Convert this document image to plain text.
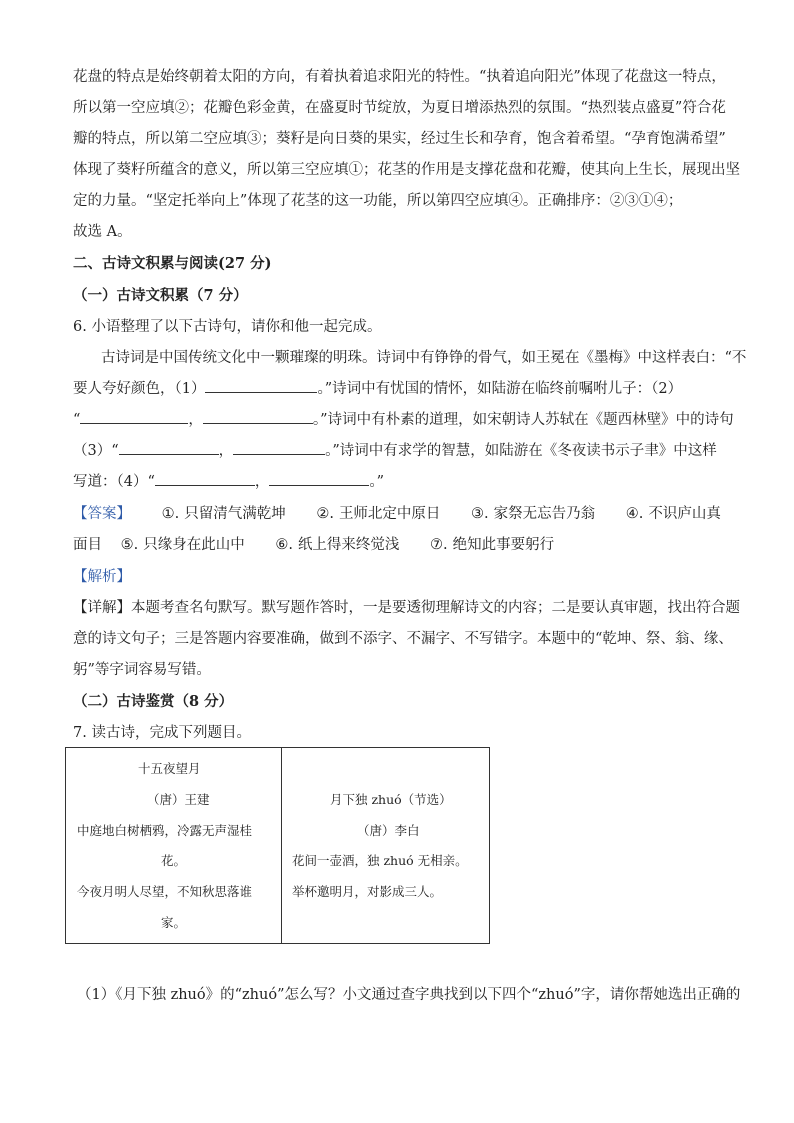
花盘的特点是始终朝着太阳的方向，有着执着追求阳光的特性。“执着追向阳光”体现了花盘这一特点，
所以第一空应填②；花瓣色彩金黄，在盛夏时节绽放，为夏日增添热烈的氛围。“热烈装点盛夏”符合花
瓣的特点，所以第二空应填③；葵籽是向日葵的果实，经过生长和孕育，饱含着希望。“孕育饱满希望”
体现了葵籽所蕴含的意义，所以第三空应填①；花茎的作用是支撑花盘和花瓣，使其向上生长，展现出坚
定的力量。“坚定托举向上”体现了花茎的这一功能，所以第四空应填④。正确排序：②③①④；
故选 A。
二、古诗文积累与阅读(27 分)
（一）古诗文积累（7 分）
6. 小语整理了以下古诗句，请你和他一起完成。
古诗词是中国传统文化中一颗璀璨的明珠。诗词中有铮铮的骨气，如王冕在《墨梅》中这样表白：“不
要人夸好颜色，（1）	。”诗词中有忧国的情怀，如陆游在临终前嘱咐儿子：（2）
“	，	。”诗词中有朴素的道理，如宋朝诗人苏轼在《题西林壁》中的诗句
（3）“	，	。”诗词中有求学的智慧，如陆游在《冬夜读书示子聿》中这样
写道：（4）“	，	。”
【答案】 ①. 只留清气满乾坤 ②. 王师北定中原日 ③. 家祭无忘告乃翁 ④. 不识庐山真
面目 ⑤. 只缘身在此山中 ⑥. 纸上得来终觉浅 ⑦. 绝知此事要躬行
【解析】
【详解】本题考查名句默写。默写题作答时，一是要透彻理解诗文的内容；二是要认真审题，找出符合题
意的诗文句子；三是答题内容要准确，做到不添字、不漏字、不写错字。本题中的“乾坤、祭、翁、缘、
躬”等字词容易写错。
（二）古诗鉴赏（8 分）
7. 读古诗，完成下列题目。
十五夜望月
（唐）王建
中庭地白树栖鸦，冷露无声湿桂
花。
今夜月明人尽望，不知秋思落谁
家。
月下独 zhuó（节选）
（唐）李白
花间一壶酒，独 zhuó 无相亲。
举杯邀明月，对影成三人。
（1）《月下独 zhuó》的“zhuó”怎么写？小文通过查字典找到以下四个“zhuó”字，请你帮她选出正确的
